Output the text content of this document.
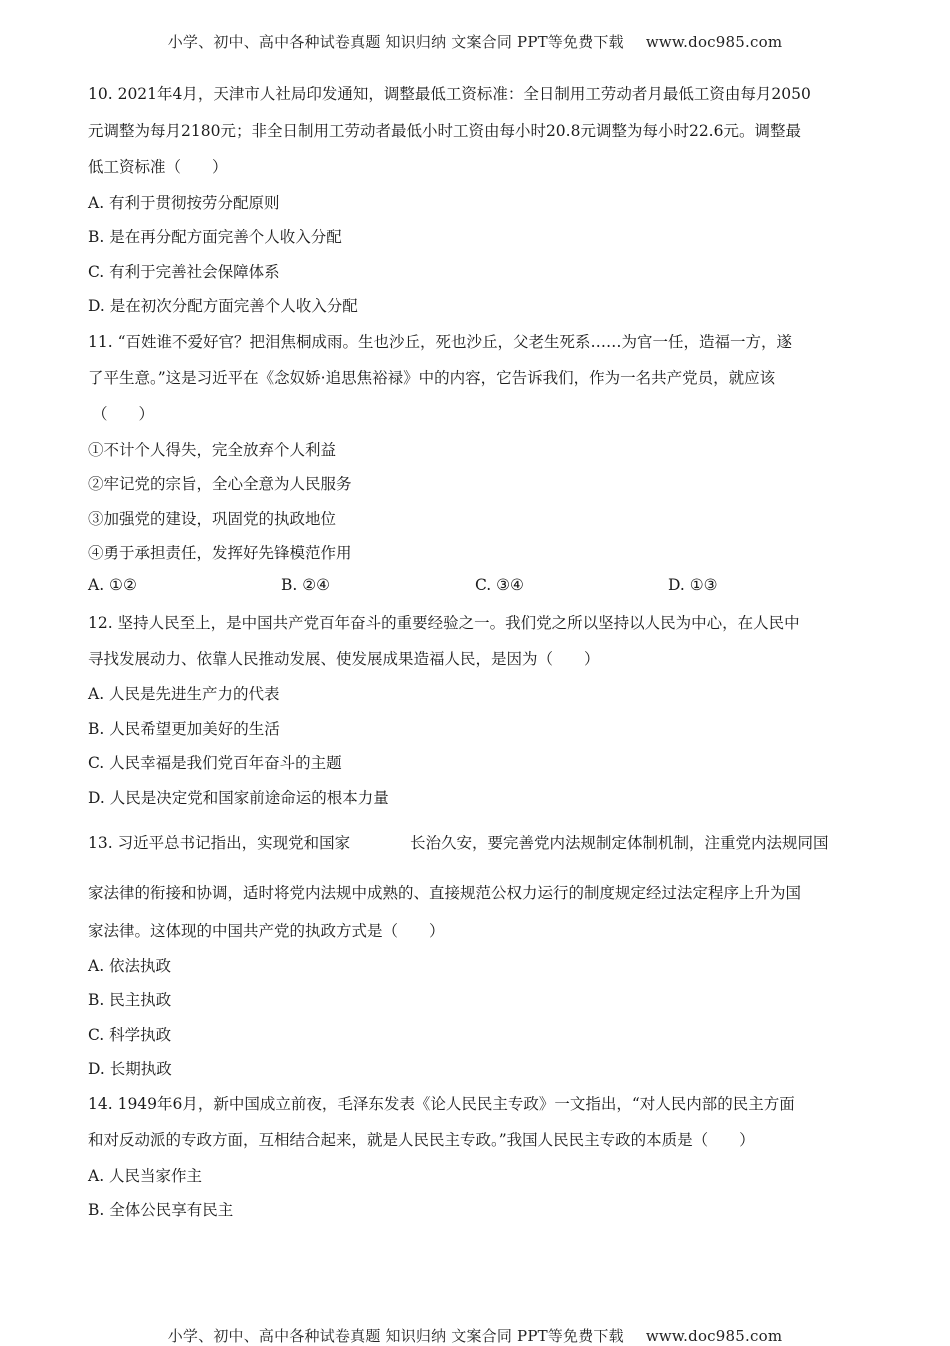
小学、初中、高中各种试卷真题 知识归纳 文案合同 PPT等免费下载 www.doc985.com
10. 2021年4月，天津市人社局印发通知，调整最低工资标准：全日制用工劳动者月最低工资由每月2050
元调整为每月2180元；非全日制用工劳动者最低小时工资由每小时20.8元调整为每小时22.6元。调整最
低工资标准（　　）
A. 有利于贯彻按劳分配原则
B. 是在再分配方面完善个人收入分配
C. 有利于完善社会保障体系
D. 是在初次分配方面完善个人收入分配
11. “百姓谁不爱好官？把泪焦桐成雨。生也沙丘，死也沙丘，父老生死系……为官一任，造福一方，遂
了平生意。”这是习近平在《念奴娇·追思焦裕禄》中的内容，它告诉我们，作为一名共产党员，就应该
（　　）
①不计个人得失，完全放弃个人利益
②牢记党的宗旨，全心全意为人民服务
③加强党的建设，巩固党的执政地位
④勇于承担责任，发挥好先锋模范作用
A. ①②	B. ②④	C. ③④	D. ①③
12. 坚持人民至上，是中国共产党百年奋斗的重要经验之一。我们党之所以坚持以人民为中心，在人民中
寻找发展动力、依靠人民推动发展、使发展成果造福人民，是因为（　　）
A. 人民是先进生产力的代表
B. 人民希望更加美好的生活
C. 人民幸福是我们党百年奋斗的主题
D. 人民是决定党和国家前途命运的根本力量
13. 习近平总书记指出，实现党和国家	长治久安，要完善党内法规制定体制机制，注重党内法规同国
家法律的衔接和协调，适时将党内法规中成熟的、直接规范公权力运行的制度规定经过法定程序上升为国
家法律。这体现的中国共产党的执政方式是（　　）
A. 依法执政
B. 民主执政
C. 科学执政
D. 长期执政
14. 1949年6月，新中国成立前夜，毛泽东发表《论人民民主专政》一文指出，“对人民内部的民主方面
和对反动派的专政方面，互相结合起来，就是人民民主专政。”我国人民民主专政的本质是（　　）
A. 人民当家作主
B. 全体公民享有民主
小学、初中、高中各种试卷真题 知识归纳 文案合同 PPT等免费下载 www.doc985.com
